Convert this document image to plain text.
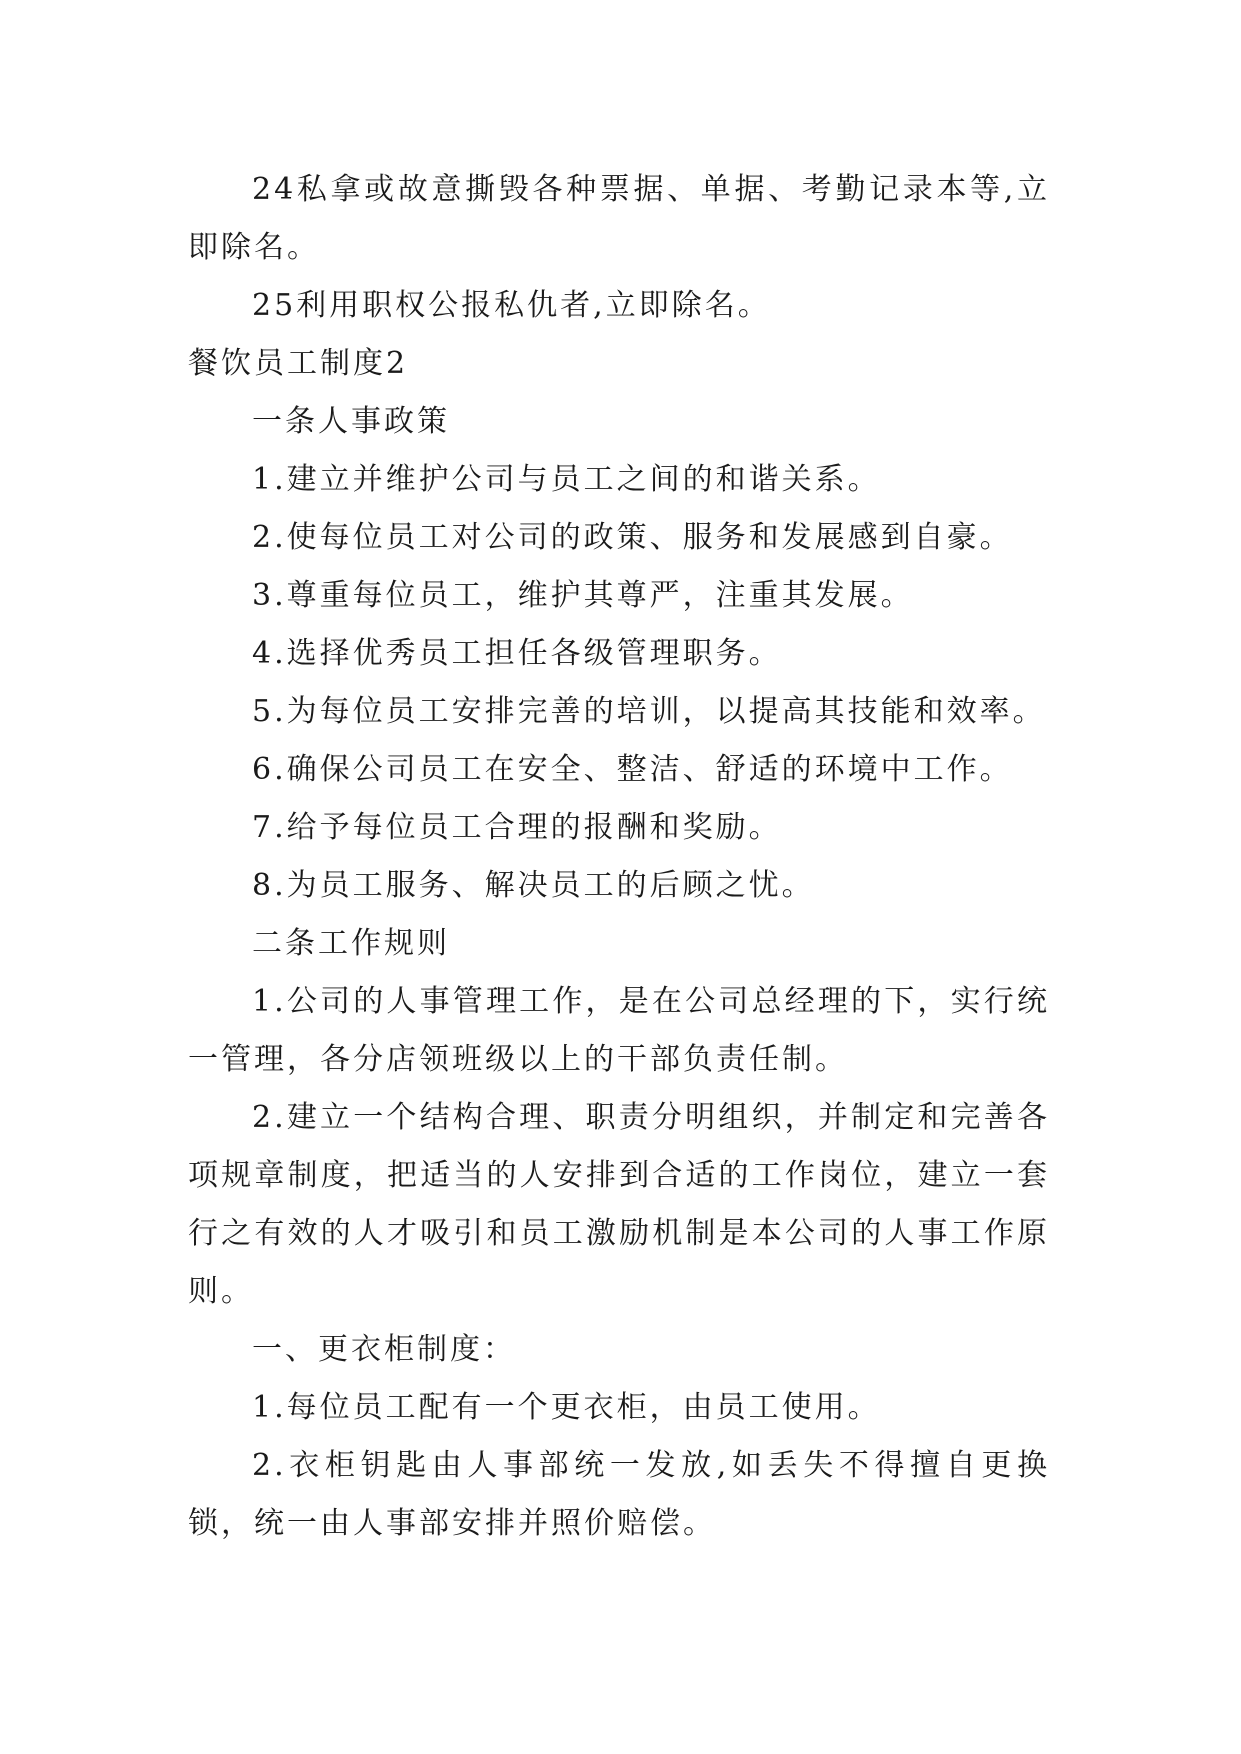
24私拿或故意撕毁各种票据、单据、考勤记录本等,立即除名。

25利用职权公报私仇者,立即除名。

餐饮员工制度2

一条人事政策

1.建立并维护公司与员工之间的和谐关系。

2.使每位员工对公司的政策、服务和发展感到自豪。

3.尊重每位员工，维护其尊严，注重其发展。

4.选择优秀员工担任各级管理职务。

5.为每位员工安排完善的培训，以提高其技能和效率。

6.确保公司员工在安全、整洁、舒适的环境中工作。

7.给予每位员工合理的报酬和奖励。

8.为员工服务、解决员工的后顾之忧。

二条工作规则

1.公司的人事管理工作，是在公司总经理的下，实行统一管理，各分店领班级以上的干部负责任制。

2.建立一个结构合理、职责分明组织，并制定和完善各项规章制度，把适当的人安排到合适的工作岗位，建立一套行之有效的人才吸引和员工激励机制是本公司的人事工作原则。

一、更衣柜制度：

1.每位员工配有一个更衣柜，由员工使用。

2.衣柜钥匙由人事部统一发放,如丢失不得擅自更换锁，统一由人事部安排并照价赔偿。
